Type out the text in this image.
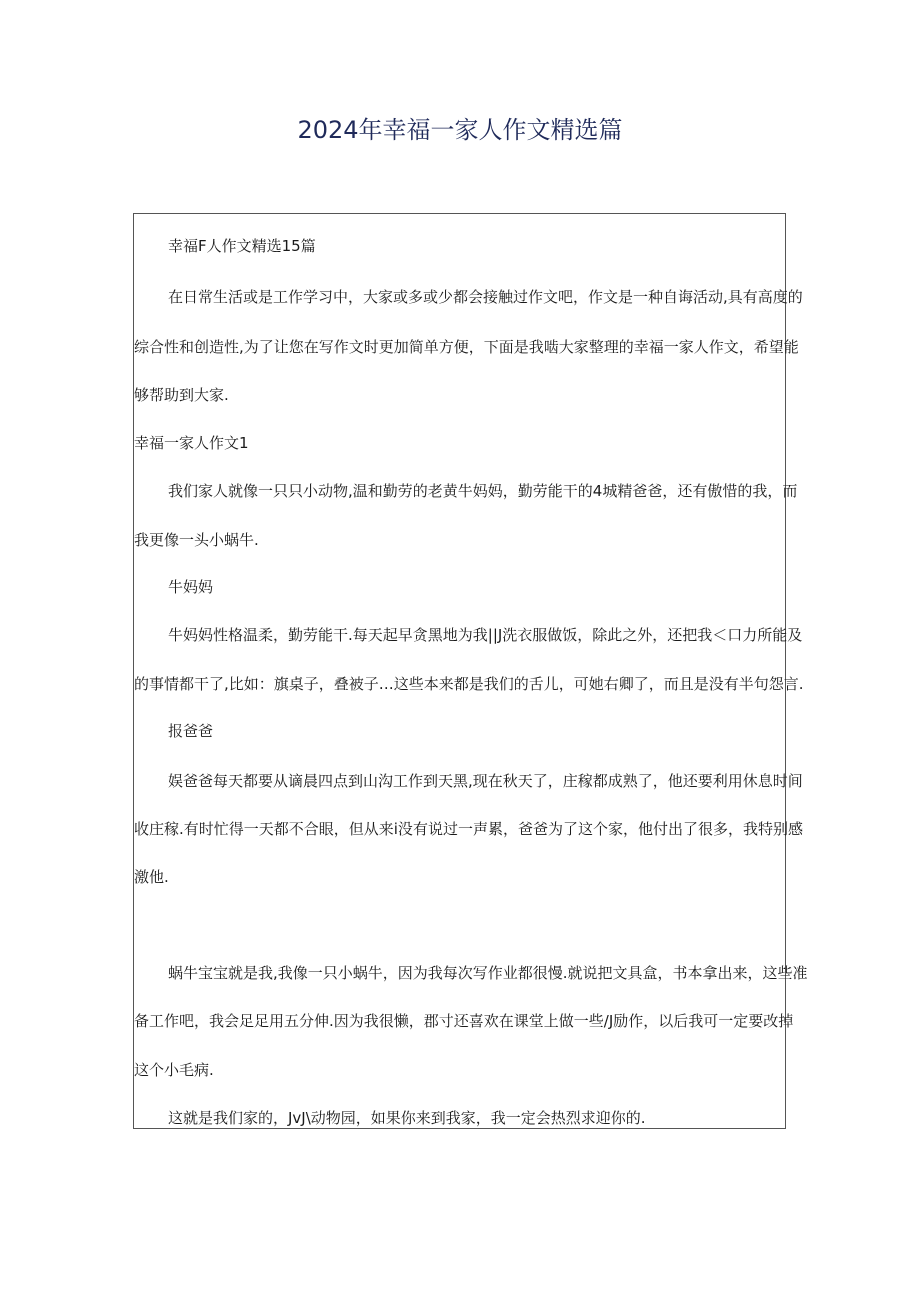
2024年幸福一家人作文精选篇
幸福F人作文精选15篇
在日常生活或是工作学习中，大家或多或少都会接触过作文吧，作文是一种自诲活动,具有高度的
综合性和创造性,为了让您在写作文时更加简单方便，下面是我啮大家整理的幸福一家人作文，希望能
够帮助到大家.
幸福一家人作文1
我们家人就像一只只小动物,温和勤劳的老黄牛妈妈，勤劳能干的4城精爸爸，还有傲惜的我，而
我更像一头小蜗牛.
牛妈妈
牛妈妈性格温柔，勤劳能干.每天起早贪黑地为我||J洗衣服做饭，除此之外，还把我＜口力所能及
的事情都干了,比如：旗桌子，叠被子…这些本来都是我们的舌儿，可她右卿了，而且是没有半句怨言.
报爸爸
娱爸爸每天都要从谪晨四点到山沟工作到天黑,现在秋天了，庄稼都成熟了，他还要利用休息时间
收庄稼.有时忙得一天都不合眼，但从来i没有说过一声累，爸爸为了这个家，他付出了很多，我特别感
激他.
蜗牛宝宝就是我,我像一只小蜗牛，因为我每次写作业都很慢.就说把文具盒，书本拿出来，这些准
备工作吧，我会足足用五分伸.因为我很懒，郡寸还喜欢在课堂上做一些/J励作，以后我可一定要改掉
这个小毛病.
这就是我们家的，JvJ\动物园，如果你来到我家，我一定会热烈求迎你的.
